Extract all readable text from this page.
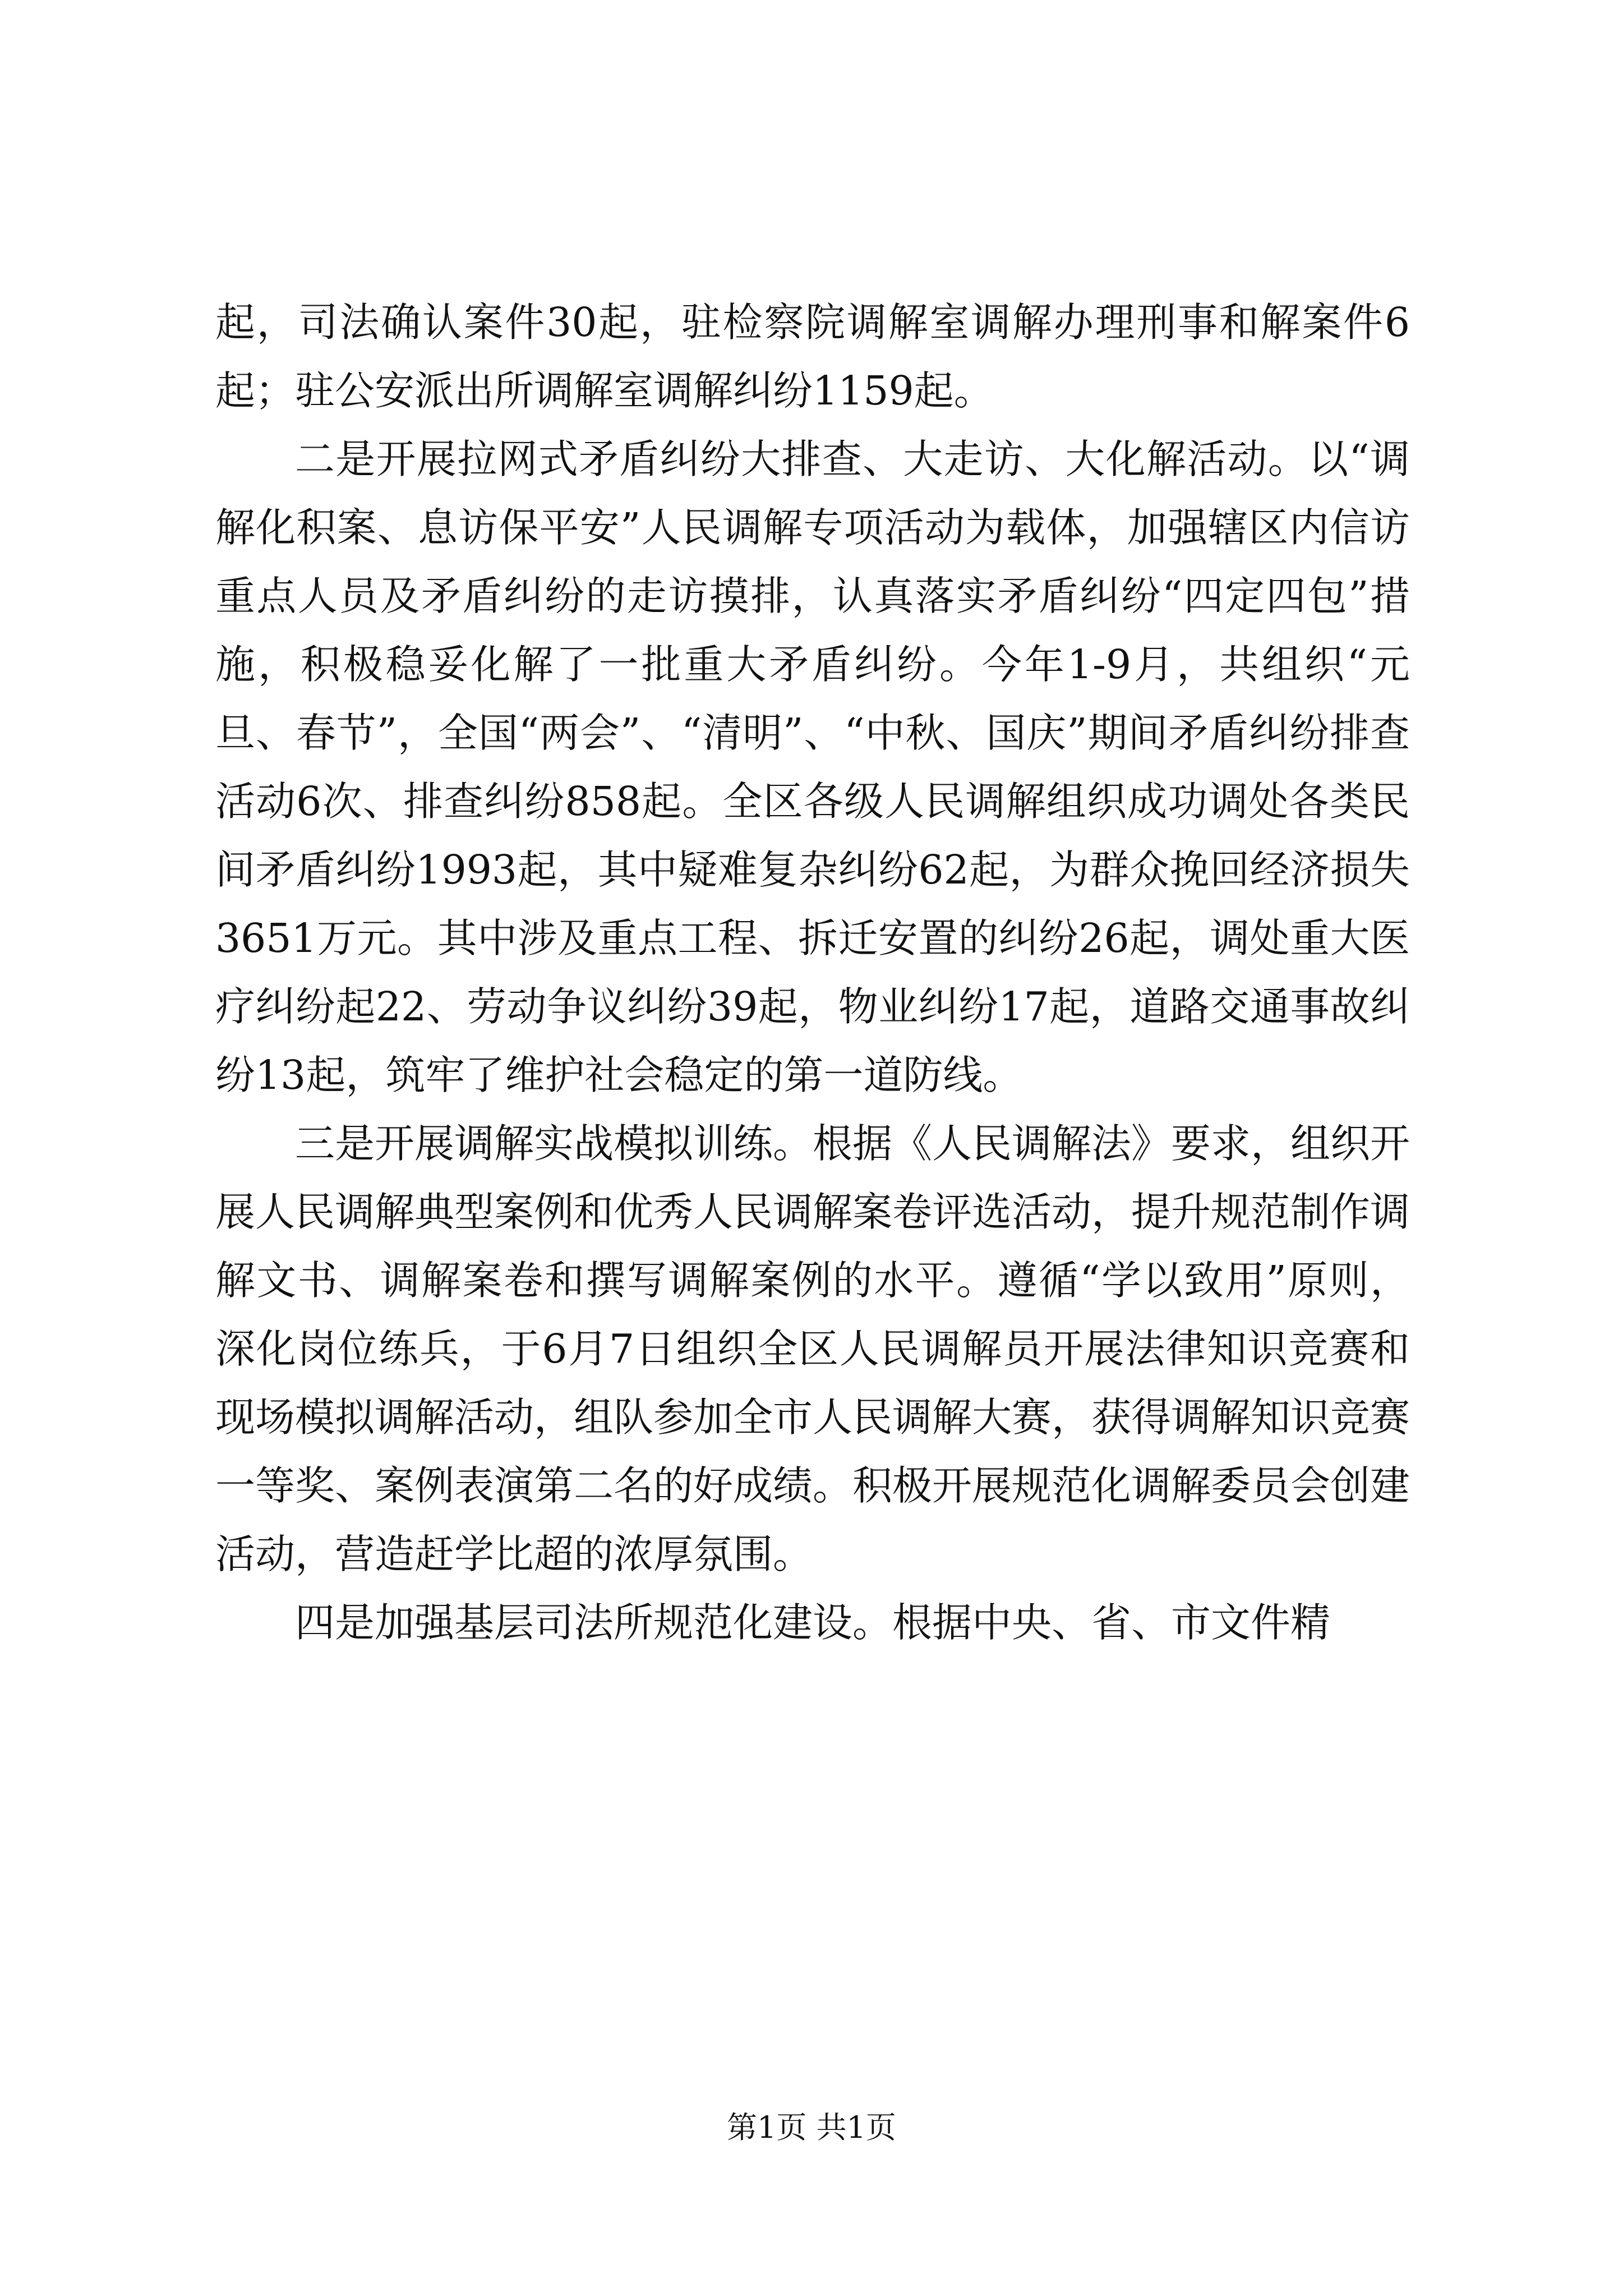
起，司法确认案件30起，驻检察院调解室调解办理刑事和解案件6起；驻公安派出所调解室调解纠纷1159起。

二是开展拉网式矛盾纠纷大排查、大走访、大化解活动。以“调解化积案、息访保平安”人民调解专项活动为载体，加强辖区内信访重点人员及矛盾纠纷的走访摸排，认真落实矛盾纠纷“四定四包”措施，积极稳妥化解了一批重大矛盾纠纷。今年1-9月，共组织“元旦、春节”，全国“两会”、“清明”、“中秋、国庆”期间矛盾纠纷排查活动6次、排查纠纷858起。全区各级人民调解组织成功调处各类民间矛盾纠纷1993起，其中疑难复杂纠纷62起，为群众挽回经济损失3651万元。其中涉及重点工程、拆迁安置的纠纷26起，调处重大医疗纠纷起22、劳动争议纠纷39起，物业纠纷17起，道路交通事故纠纷13起，筑牢了维护社会稳定的第一道防线。

三是开展调解实战模拟训练。根据《人民调解法》要求，组织开展人民调解典型案例和优秀人民调解案卷评选活动，提升规范制作调解文书、调解案卷和撰写调解案例的水平。遵循“学以致用”原则，深化岗位练兵，于6月7日组织全区人民调解员开展法律知识竞赛和现场模拟调解活动，组队参加全市人民调解大赛，获得调解知识竞赛一等奖、案例表演第二名的好成绩。积极开展规范化调解委员会创建活动，营造赶学比超的浓厚氛围。

四是加强基层司法所规范化建设。根据中央、省、市文件精

第1页 共1页
